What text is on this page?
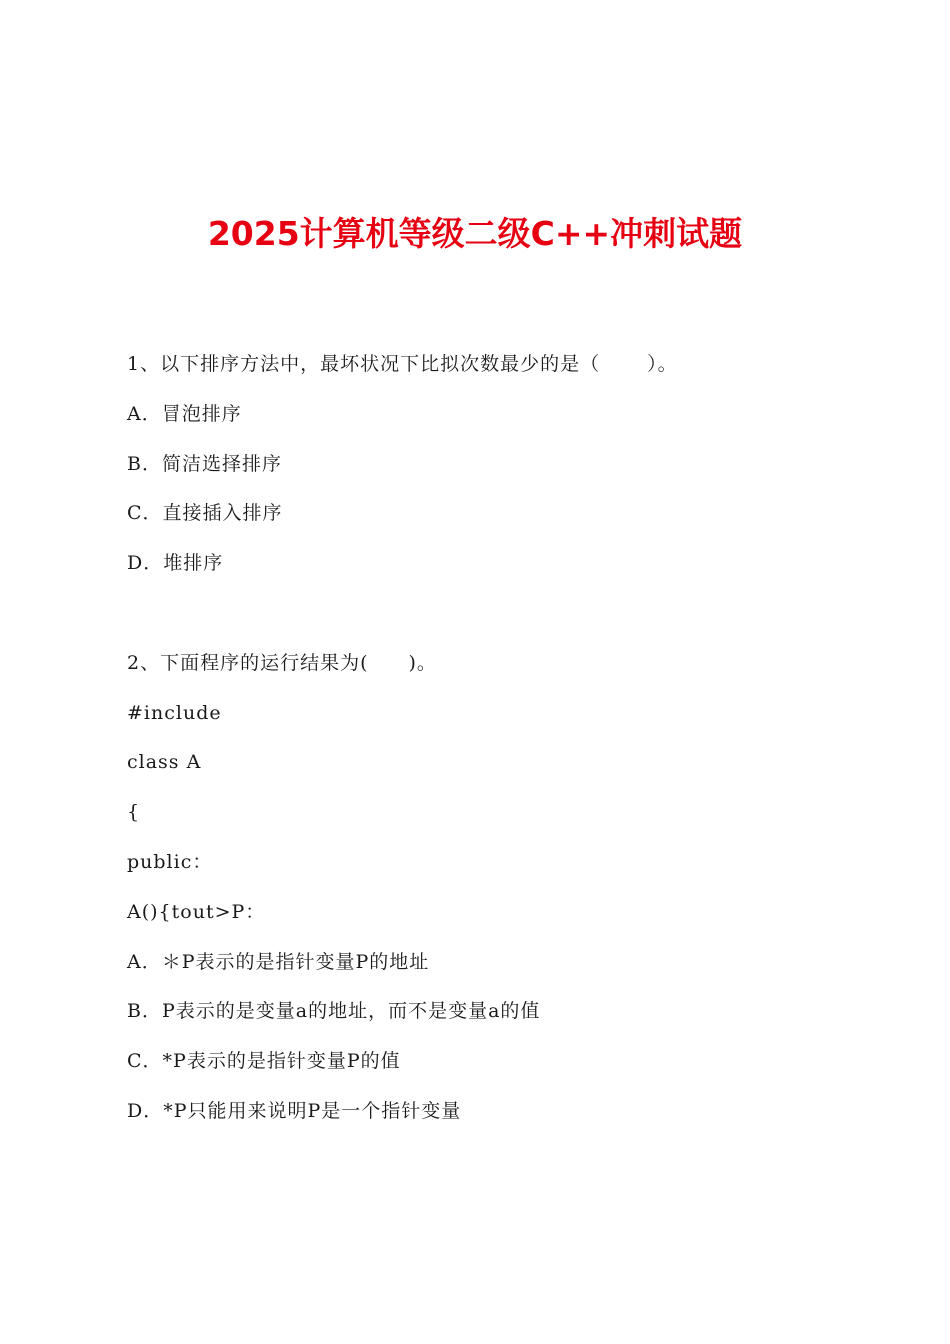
2025计算机等级二级C++冲刺试题

1、以下排序方法中，最坏状况下比拟次数最少的是（　　 ）。

A．冒泡排序

B．简洁选择排序

C．直接插入排序

D．堆排序

2、下面程序的运行结果为(　　)。

#include

class A

{

public：

A(){tout>P：

A．＊P表示的是指针变量P的地址

B．P表示的是变量a的地址，而不是变量a的值

C．*P表示的是指针变量P的值

D．*P只能用来说明P是一个指针变量
